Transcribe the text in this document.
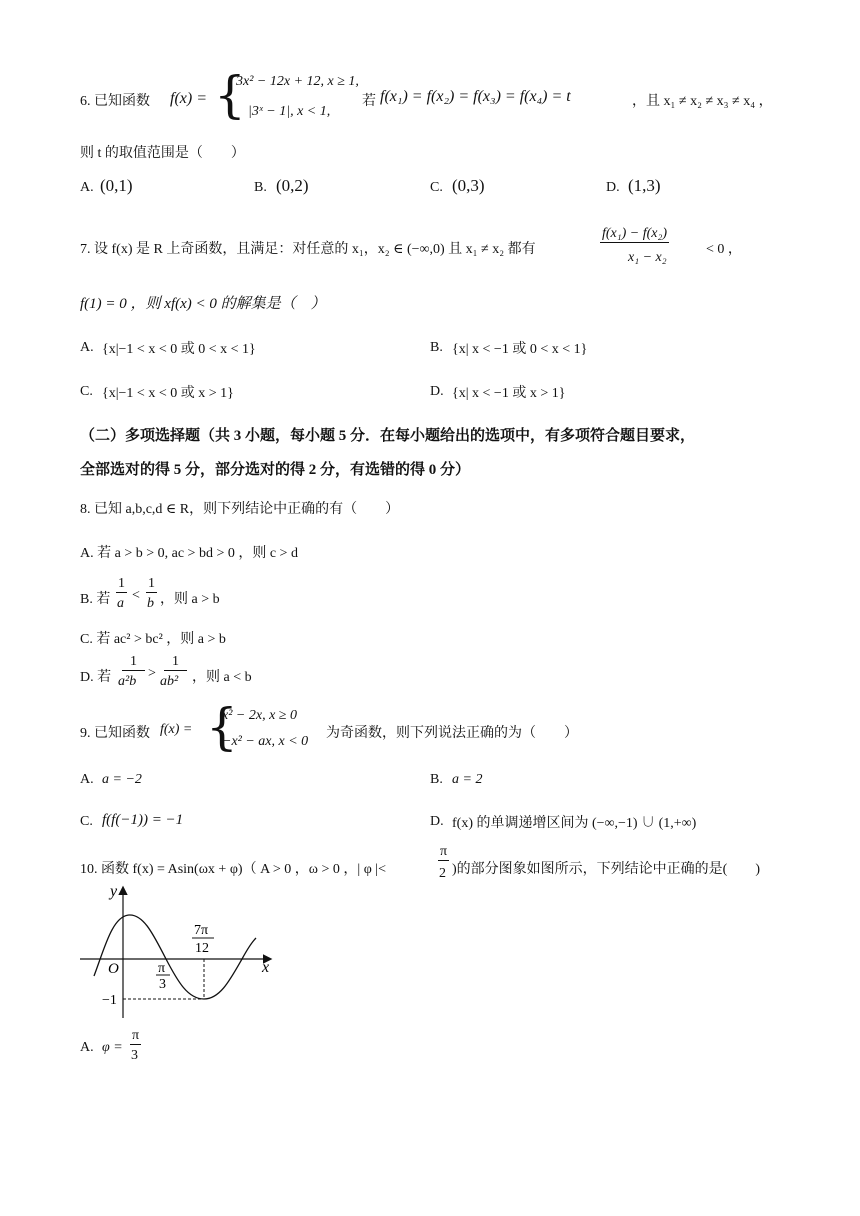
6. 已知函数 f(x) = {
3x² − 12x + 12, x ≥ 1,
|3ˣ − 1|, x < 1,
若 f(x₁) = f(x₂) = f(x₃) = f(x₄) = t	，且 x₁ ≠ x₂ ≠ x₃ ≠ x₄ ，
则 t 的取值范围是（　　）
A. (0,1)	B. (0,2)	C. (0,3)	D. (1,3)
7. 设 f(x) 是 R 上奇函数，且满足：对任意的 x₁，x₂ ∈ (−∞,0) 且 x₁ ≠ x₂ 都有
f(x₁) − f(x₂)
x₁ − x₂
< 0 ，
f(1) = 0 ，则 xf(x) < 0 的解集是（　）
A. {x|−1 < x < 0 或 0 < x < 1}	B. {x| x < −1 或 0 < x < 1}
C. {x|−1 < x < 0 或 x > 1}	D. {x| x < −1 或 x > 1}
（二）多项选择题（共 3 小题，每小题 5 分．在每小题给出的选项中，有多项符合题目要求，
全部选对的得 5 分，部分选对的得 2 分，有选错的得 0 分）
8. 已知 a,b,c,d ∈ R，则下列结论中正确的有（　　）
A. 若 a > b > 0, ac > bd > 0 ，则 c > d
B. 若
1
a
<
1
b ，则 a > b
C. 若 ac² > bc² ，则 a > b
D. 若
1
a²b
>
1
ab² ，则 a < b
9. 已知函数 f(x) = {
x² − 2x, x ≥ 0
−x² − ax, x < 0
为奇函数，则下列说法正确的为（　　）
A. a = −2	B. a = 2
C. f(f(−1)) = −1	D. f(x) 的单调递增区间为 (−∞,−1) ∪ (1,+∞)
10. 函数 f(x) = Asin(ωx + φ)（ A > 0 ，ω > 0 ，| φ |<
π
2 )的部分图象如图所示，下列结论中正确的是(　　)
y
x
O	π
3
7π
12
−1
A. φ =
π
3
